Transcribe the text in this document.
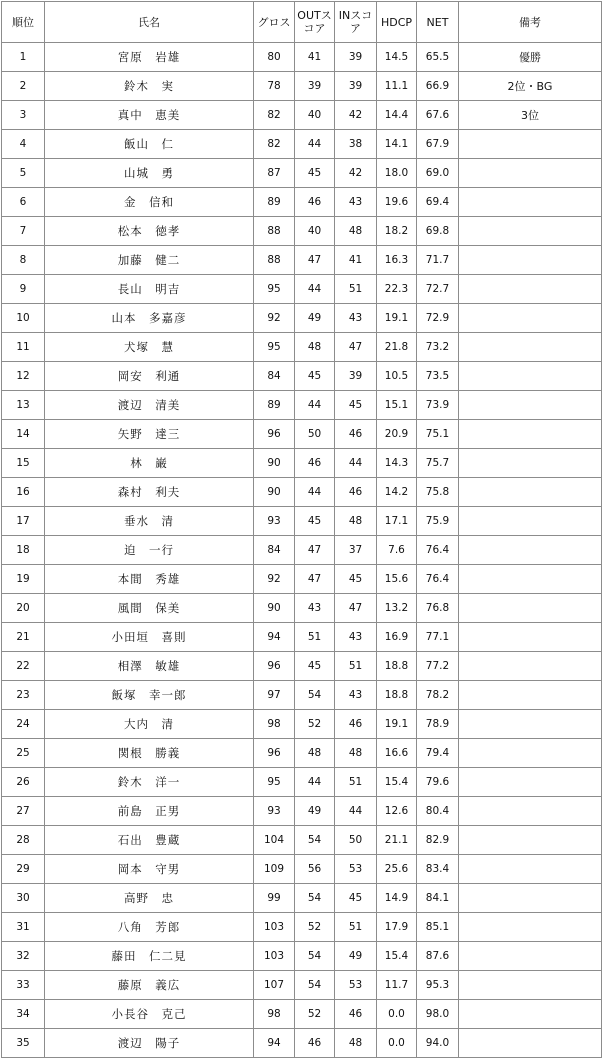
順位	氏名	グロス	OUTスコア	INスコア	HDCP	NET	備考
1	宮原　岩雄	80	41	39	14.5	65.5	優勝
2	鈴木　実	78	39	39	11.1	66.9	2位・BG
3	真中　恵美	82	40	42	14.4	67.6	3位
4	飯山　仁	82	44	38	14.1	67.9	
5	山城　勇	87	45	42	18.0	69.0	
6	金　信和	89	46	43	19.6	69.4	
7	松本　徳孝	88	40	48	18.2	69.8	
8	加藤　健二	88	47	41	16.3	71.7	
9	長山　明吉	95	44	51	22.3	72.7	
10	山本　多嘉彦	92	49	43	19.1	72.9	
11	犬塚　慧	95	48	47	21.8	73.2	
12	岡安　利通	84	45	39	10.5	73.5	
13	渡辺　清美	89	44	45	15.1	73.9	
14	矢野　達三	96	50	46	20.9	75.1	
15	林　巌	90	46	44	14.3	75.7	
16	森村　利夫	90	44	46	14.2	75.8	
17	垂水　清	93	45	48	17.1	75.9	
18	迫　一行	84	47	37	7.6	76.4	
19	本間　秀雄	92	47	45	15.6	76.4	
20	風間　保美	90	43	47	13.2	76.8	
21	小田垣　喜則	94	51	43	16.9	77.1	
22	相澤　敏雄	96	45	51	18.8	77.2	
23	飯塚　幸一郎	97	54	43	18.8	78.2	
24	大内　清	98	52	46	19.1	78.9	
25	関根　勝義	96	48	48	16.6	79.4	
26	鈴木　洋一	95	44	51	15.4	79.6	
27	前島　正男	93	49	44	12.6	80.4	
28	石出　豊蔵	104	54	50	21.1	82.9	
29	岡本　守男	109	56	53	25.6	83.4	
30	高野　忠	99	54	45	14.9	84.1	
31	八角　芳郎	103	52	51	17.9	85.1	
32	藤田　仁二見	103	54	49	15.4	87.6	
33	藤原　義広	107	54	53	11.7	95.3	
34	小長谷　克己	98	52	46	0.0	98.0	
35	渡辺　陽子	94	46	48	0.0	94.0	
